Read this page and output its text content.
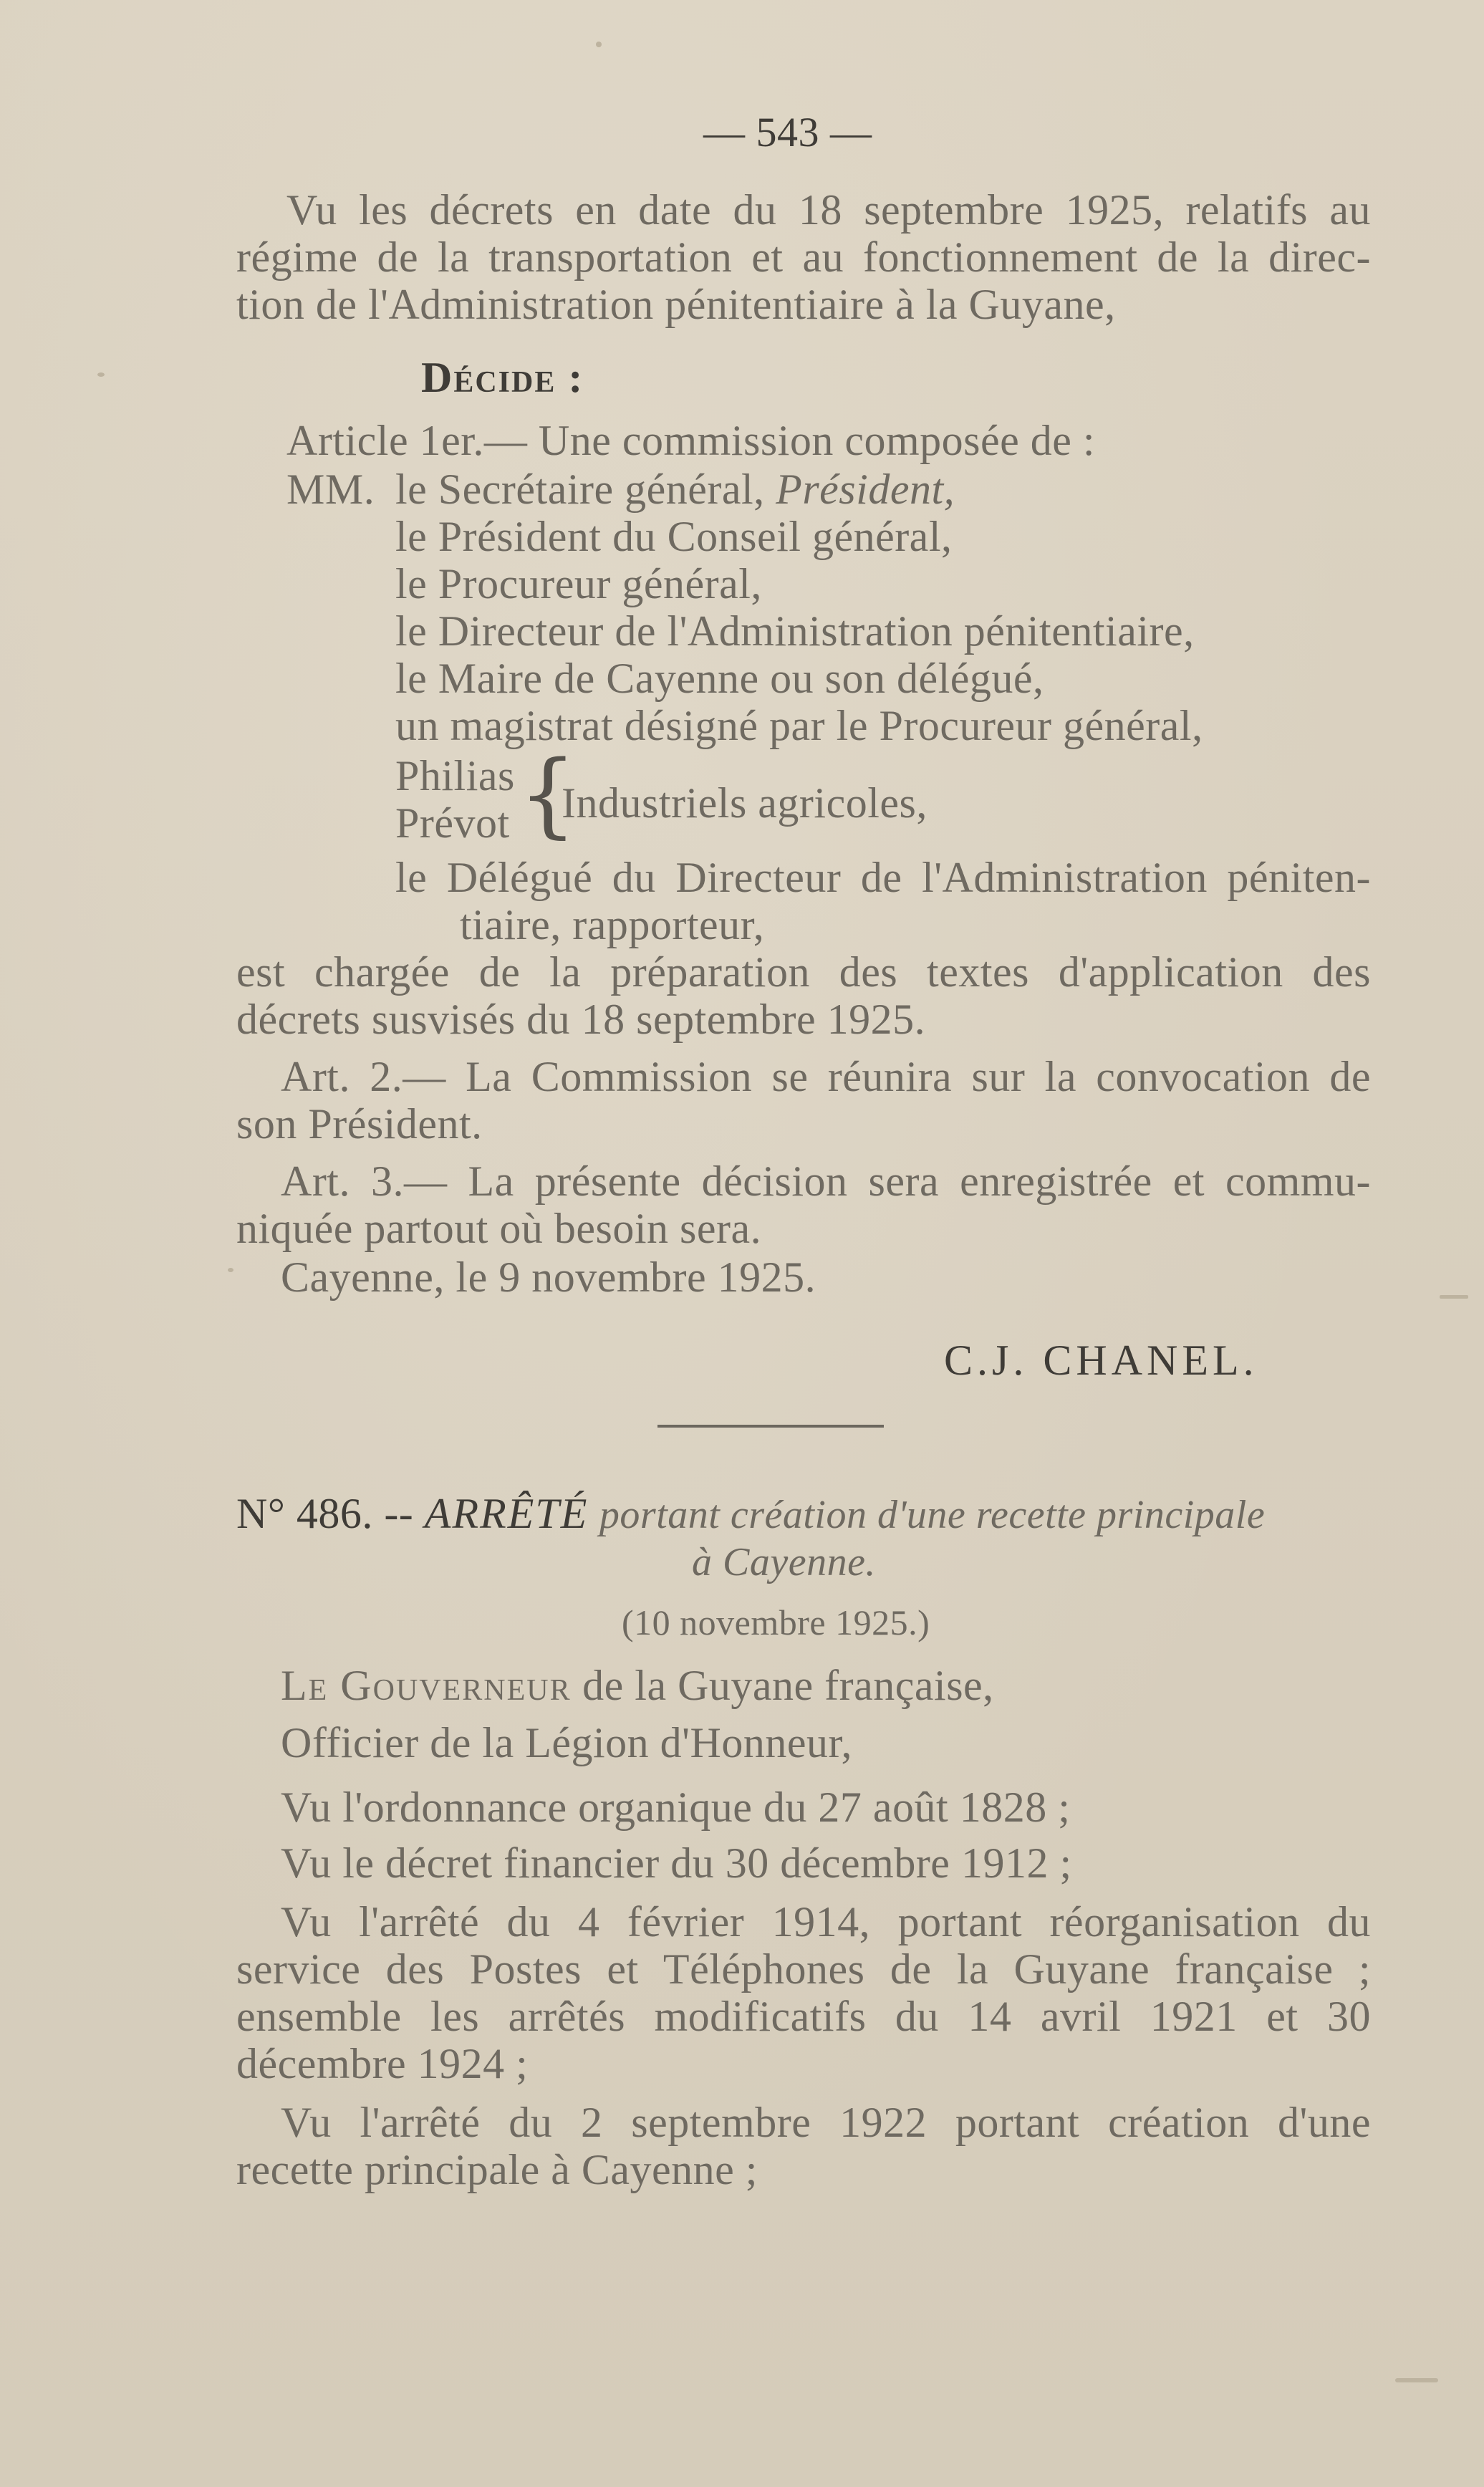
— 543 —
Vu les décrets en date du 18 septembre 1925, relatifs au
régime de la transportation et au fonctionnement de la direc-
tion de l'Administration pénitentiaire à la Guyane,
Décide :
Article 1er.— Une commission composée de :
MM. le Secrétaire général, Président,
le Président du Conseil général,
le Procureur général,
le Directeur de l'Administration pénitentiaire,
le Maire de Cayenne ou son délégué,
un magistrat désigné par le Procureur général,
Philias
Prévot {
Industriels agricoles,
le Délégué du Directeur de l'Administration péniten-
tiaire, rapporteur,
est chargée de la préparation des textes d'application des
décrets susvisés du 18 septembre 1925.
Art. 2.— La Commission se réunira sur la convocation de
son Président.
Art. 3.— La présente décision sera enregistrée et commu-
niquée partout où besoin sera.
Cayenne, le 9 novembre 1925.
C.J. CHANEL.
N° 486. -- ARRÊTÉ portant création d'une recette principale
à Cayenne.
(10 novembre 1925.)
Le Gouverneur de la Guyane française,
Officier de la Légion d'Honneur,
Vu l'ordonnance organique du 27 août 1828 ;
Vu le décret financier du 30 décembre 1912 ;
Vu l'arrêté du 4 février 1914, portant réorganisation du
service des Postes et Téléphones de la Guyane française ;
ensemble les arrêtés modificatifs du 14 avril 1921 et 30
décembre 1924 ;
Vu l'arrêté du 2 septembre 1922 portant création d'une
recette principale à Cayenne ;
